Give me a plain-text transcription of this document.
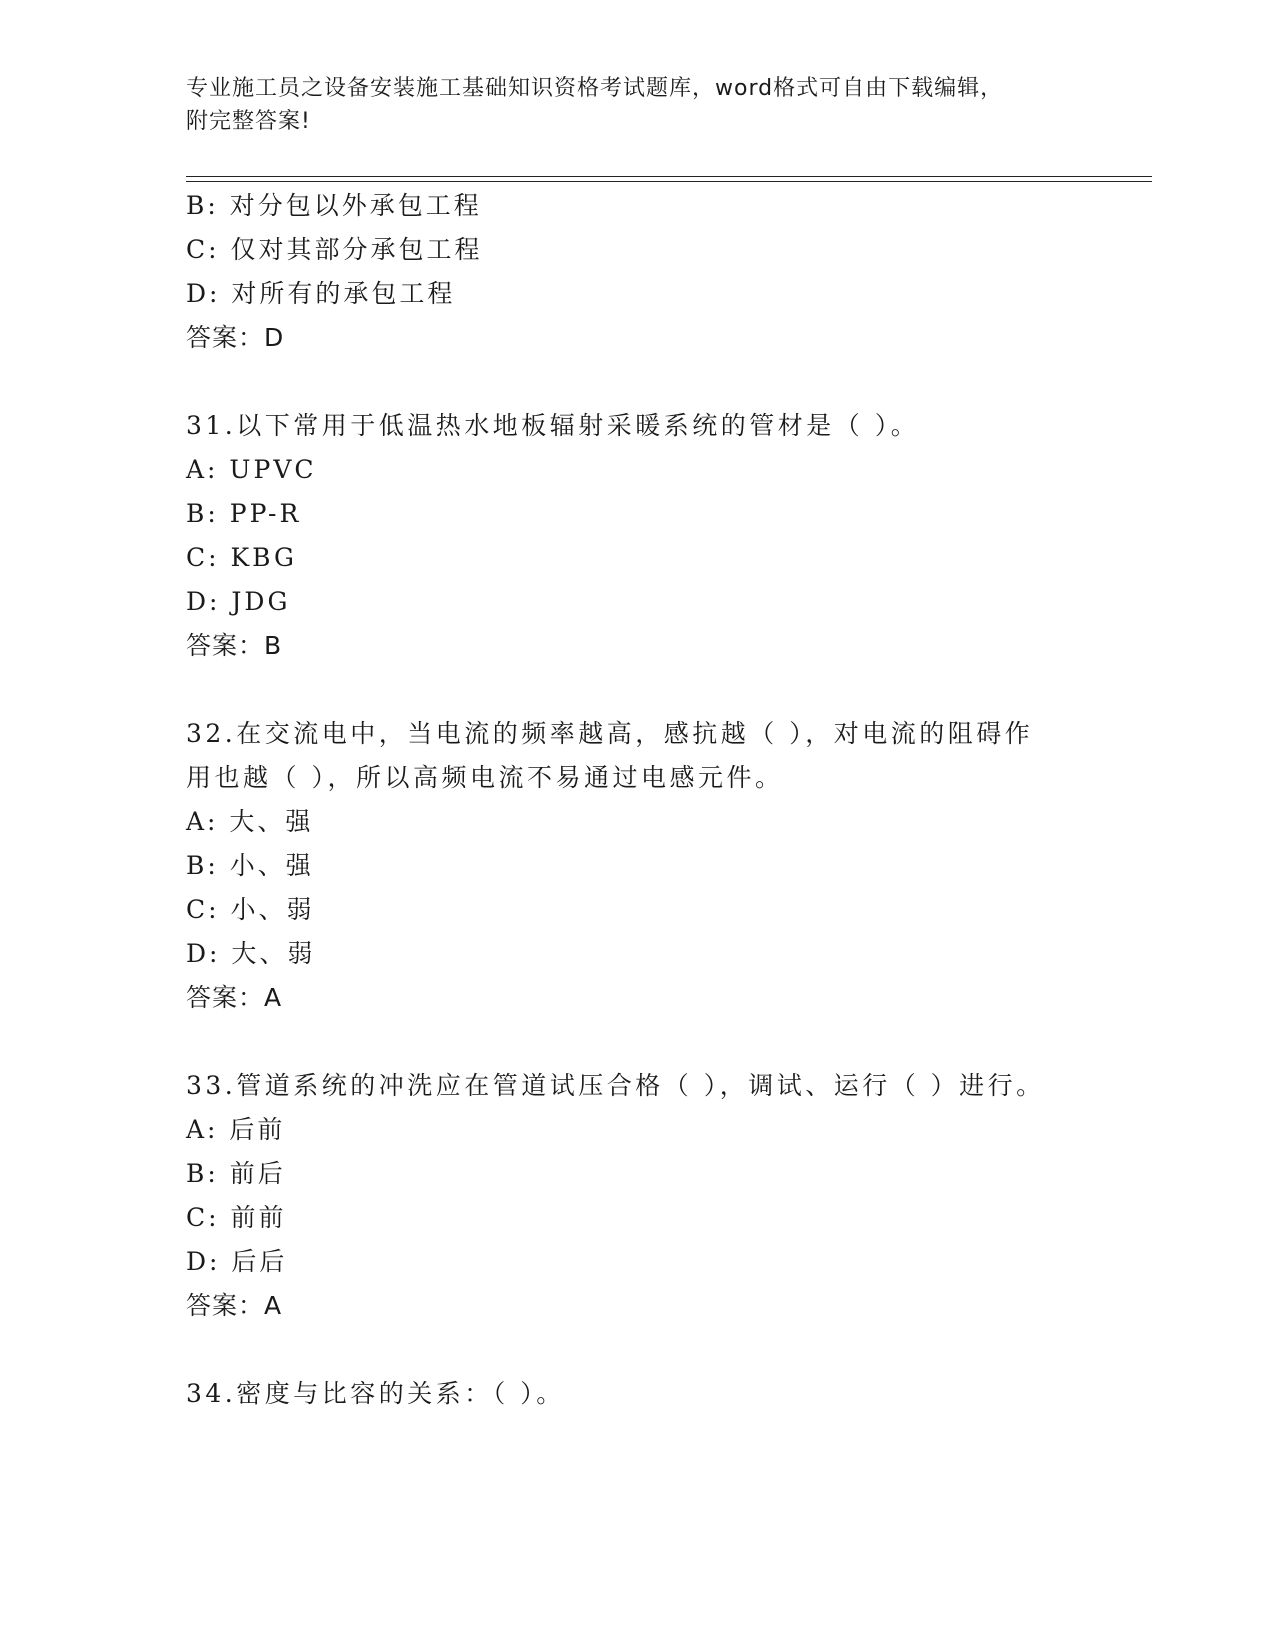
专业施工员之设备安装施工基础知识资格考试题库，word格式可自由下载编辑，
附完整答案!
B: 对分包以外承包工程
C: 仅对其部分承包工程
D: 对所有的承包工程
答案：D
31.以下常用于低温热水地板辐射采暖系统的管材是（ ）。
A: UPVC
B: PP-R
C: KBG
D: JDG
答案：B
32.在交流电中，当电流的频率越高，感抗越（ ），对电流的阻碍作
用也越（ ），所以高频电流不易通过电感元件。
A: 大、强
B: 小、强
C: 小、弱
D: 大、弱
答案：A
33.管道系统的冲洗应在管道试压合格（ ），调试、运行（ ）进行。
A: 后前
B: 前后
C: 前前
D: 后后
答案：A
34.密度与比容的关系：（ ）。
